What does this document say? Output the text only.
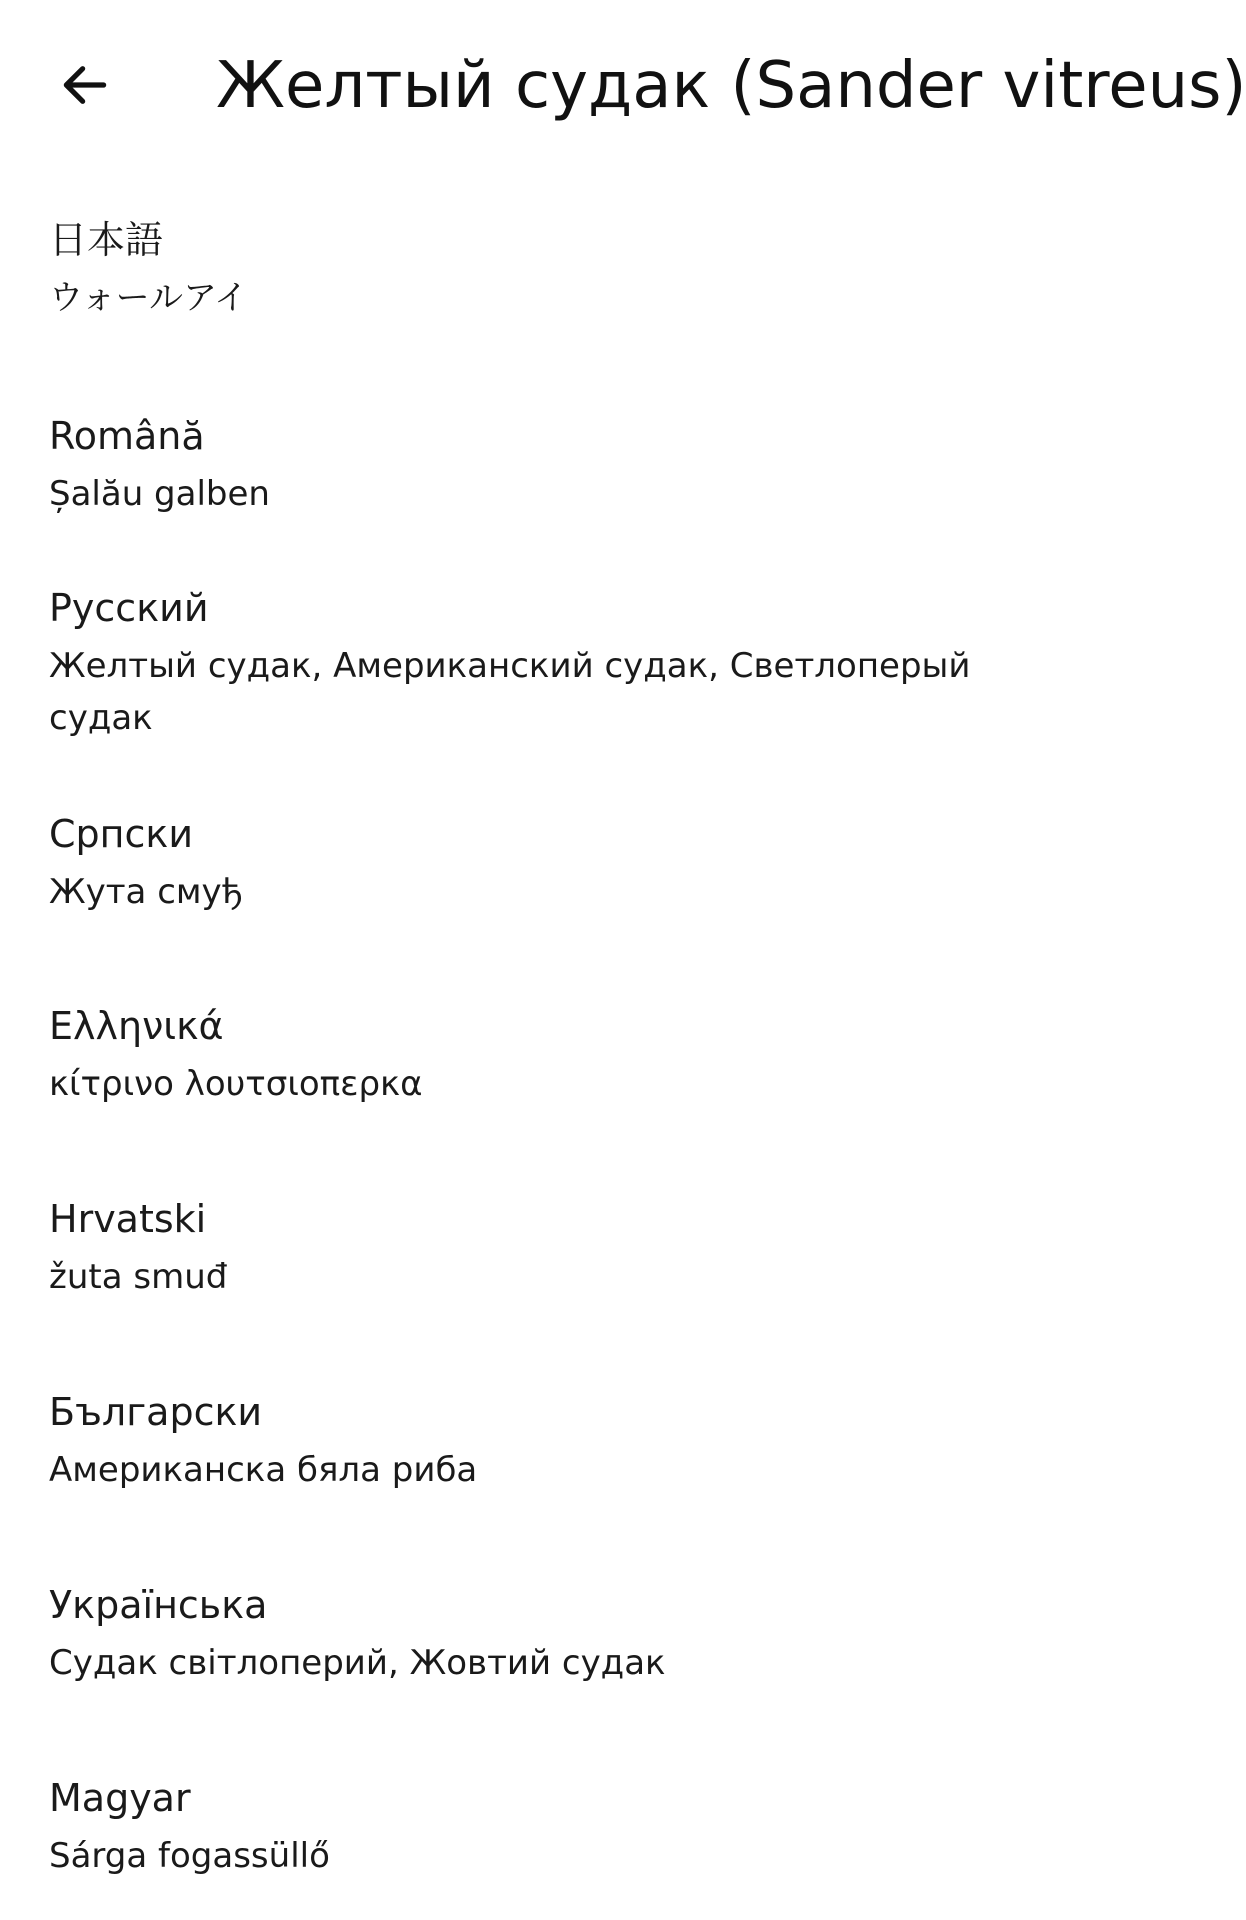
Желтый судак (Sander vitreus)
日本語
ウォールアイ
Română
Șalău galben
Русский
Желтый судак, Американский судак, Светлоперый судак
Српски
Жута смуђ
Ελληνικά
κίτρινο λουτσιοπερκα
Hrvatski
žuta smuđ
Български
Американска бяла риба
Українська
Судак світлоперий, Жовтий судак
Magyar
Sárga fogassüllő
